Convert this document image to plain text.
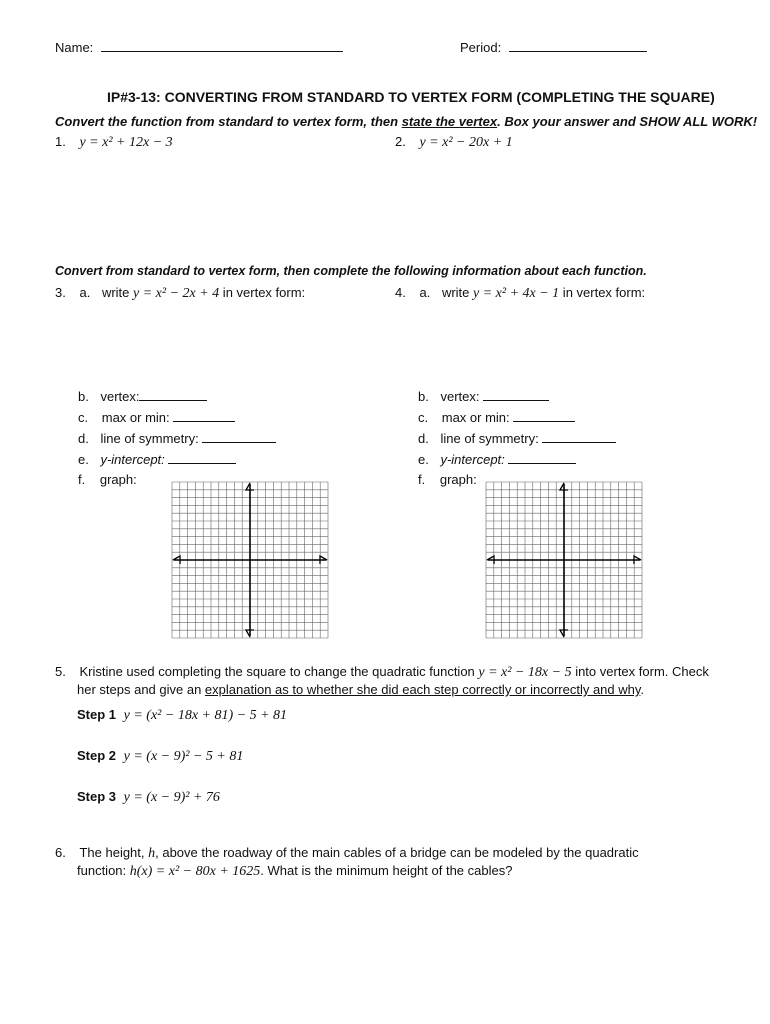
Name:	Period:
IP#3-13: CONVERTING FROM STANDARD TO VERTEX FORM (COMPLETING THE SQUARE)
Convert the function from standard to vertex form, then state the vertex. Box your answer and SHOW ALL WORK!
1. y = x² + 12x − 3	2. y = x² − 20x + 1
Convert from standard to vertex form, then complete the following information about each function.
3. a. write y = x² − 2x + 4 in vertex form:	4. a. write y = x² + 4x − 1 in vertex form:
b. vertex:
c. max or min:
d. line of symmetry:
e. y-intercept:
f. graph:
b. vertex:
c. max or min:
d. line of symmetry:
e. y-intercept:
f. graph:
5. Kristine used completing the square to change the quadratic function y = x² − 18x − 5 into vertex form. Check
her steps and give an explanation as to whether she did each step correctly or incorrectly and why.
Step 1 y = (x² − 18x + 81) − 5 + 81
Step 2 y = (x − 9)² − 5 + 81
Step 3 y = (x − 9)² + 76
6. The height, h, above the roadway of the main cables of a bridge can be modeled by the quadratic
function: h(x) = x² − 80x + 1625. What is the minimum height of the cables?
